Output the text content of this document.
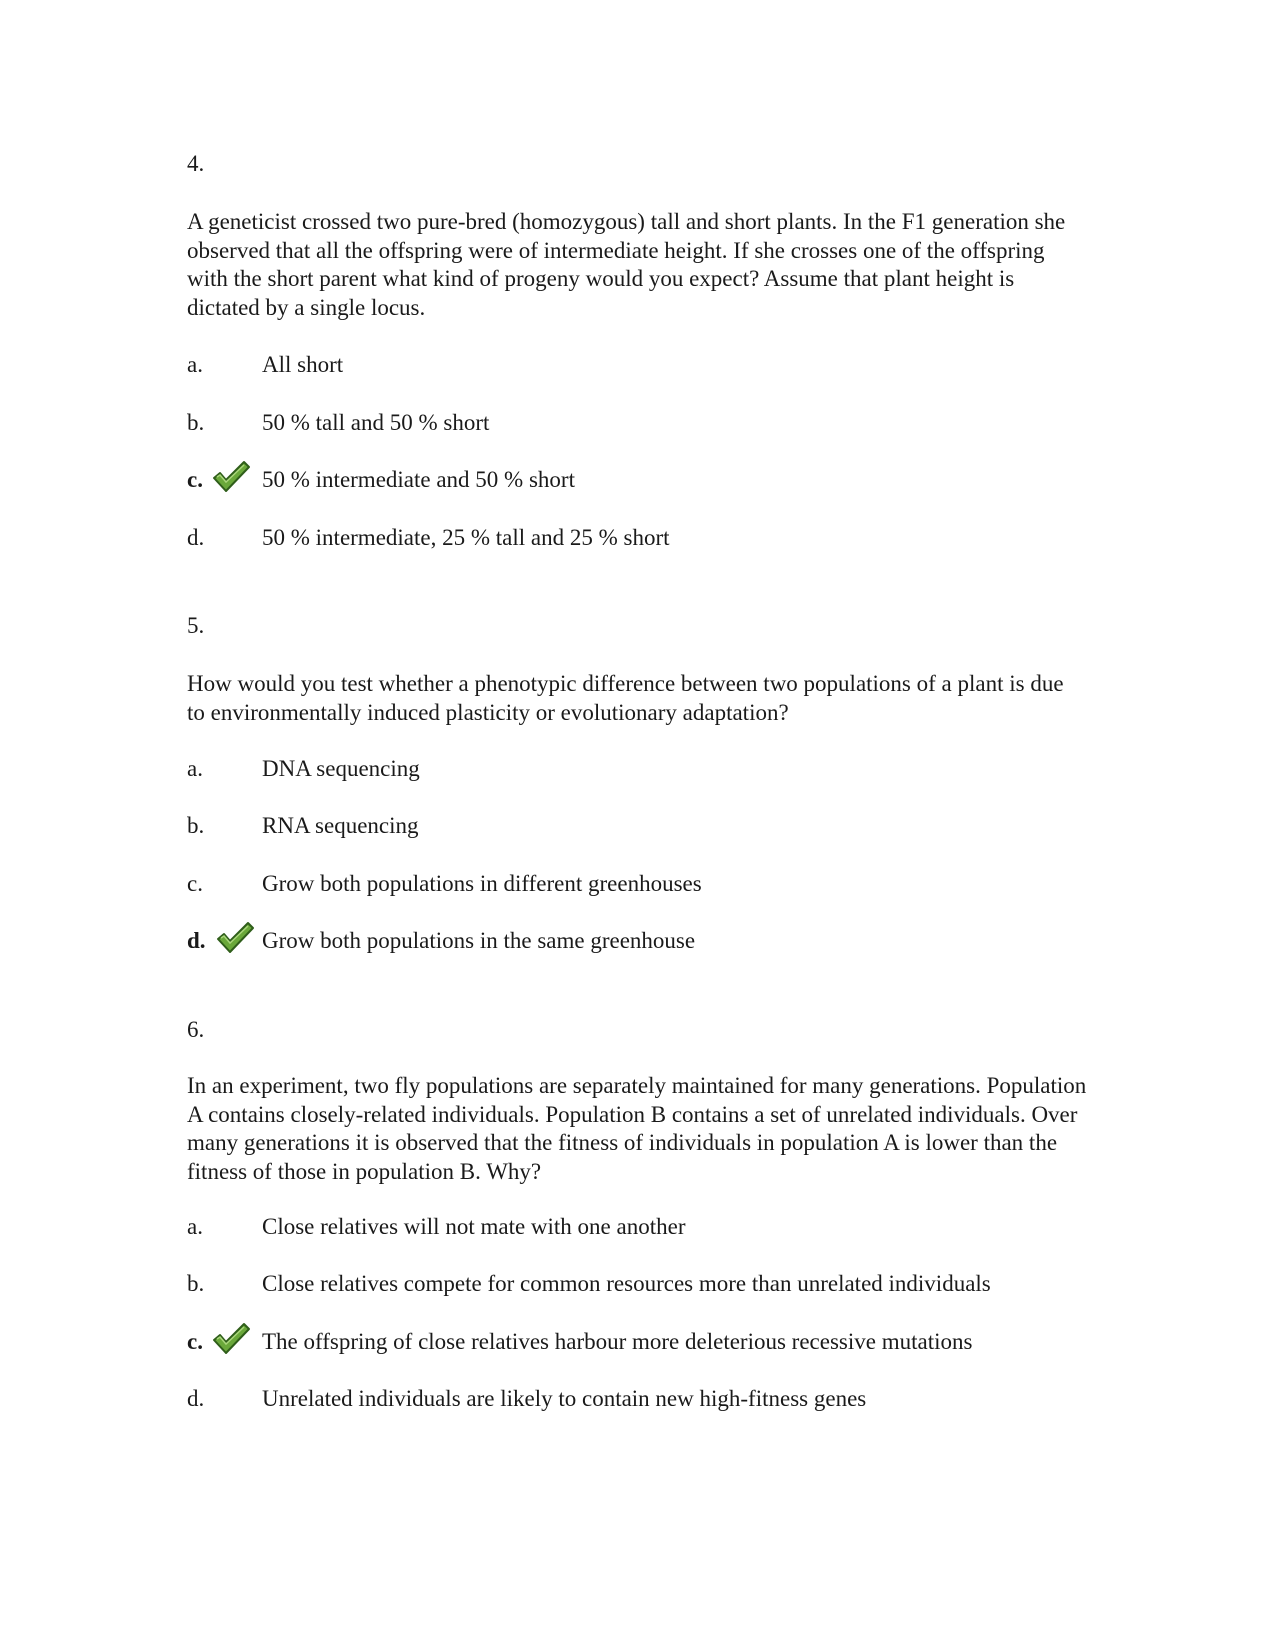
4.
A geneticist crossed two pure-bred (homozygous) tall and short plants. In the F1 generation she observed that all the offspring were of intermediate height. If she crosses one of the offspring with the short parent what kind of progeny would you expect? Assume that plant height is dictated by a single locus.
a.	All short
b.	50 % tall and 50 % short
c.	50 % intermediate and 50 % short
d.	50 % intermediate, 25 % tall and 25 % short
5.
How would you test whether a phenotypic difference between two populations of a plant is due to environmentally induced plasticity or evolutionary adaptation?
a.	DNA sequencing
b.	RNA sequencing
c.	Grow both populations in different greenhouses
d. Grow both populations in the same greenhouse
6.
In an experiment, two fly populations are separately maintained for many generations. Population A contains closely-related individuals. Population B contains a set of unrelated individuals. Over many generations it is observed that the fitness of individuals in population A is lower than the fitness of those in population B. Why?
a.	Close relatives will not mate with one another
b.	Close relatives compete for common resources more than unrelated individuals
c.	The offspring of close relatives harbour more deleterious recessive mutations
d.	Unrelated individuals are likely to contain new high-fitness genes
